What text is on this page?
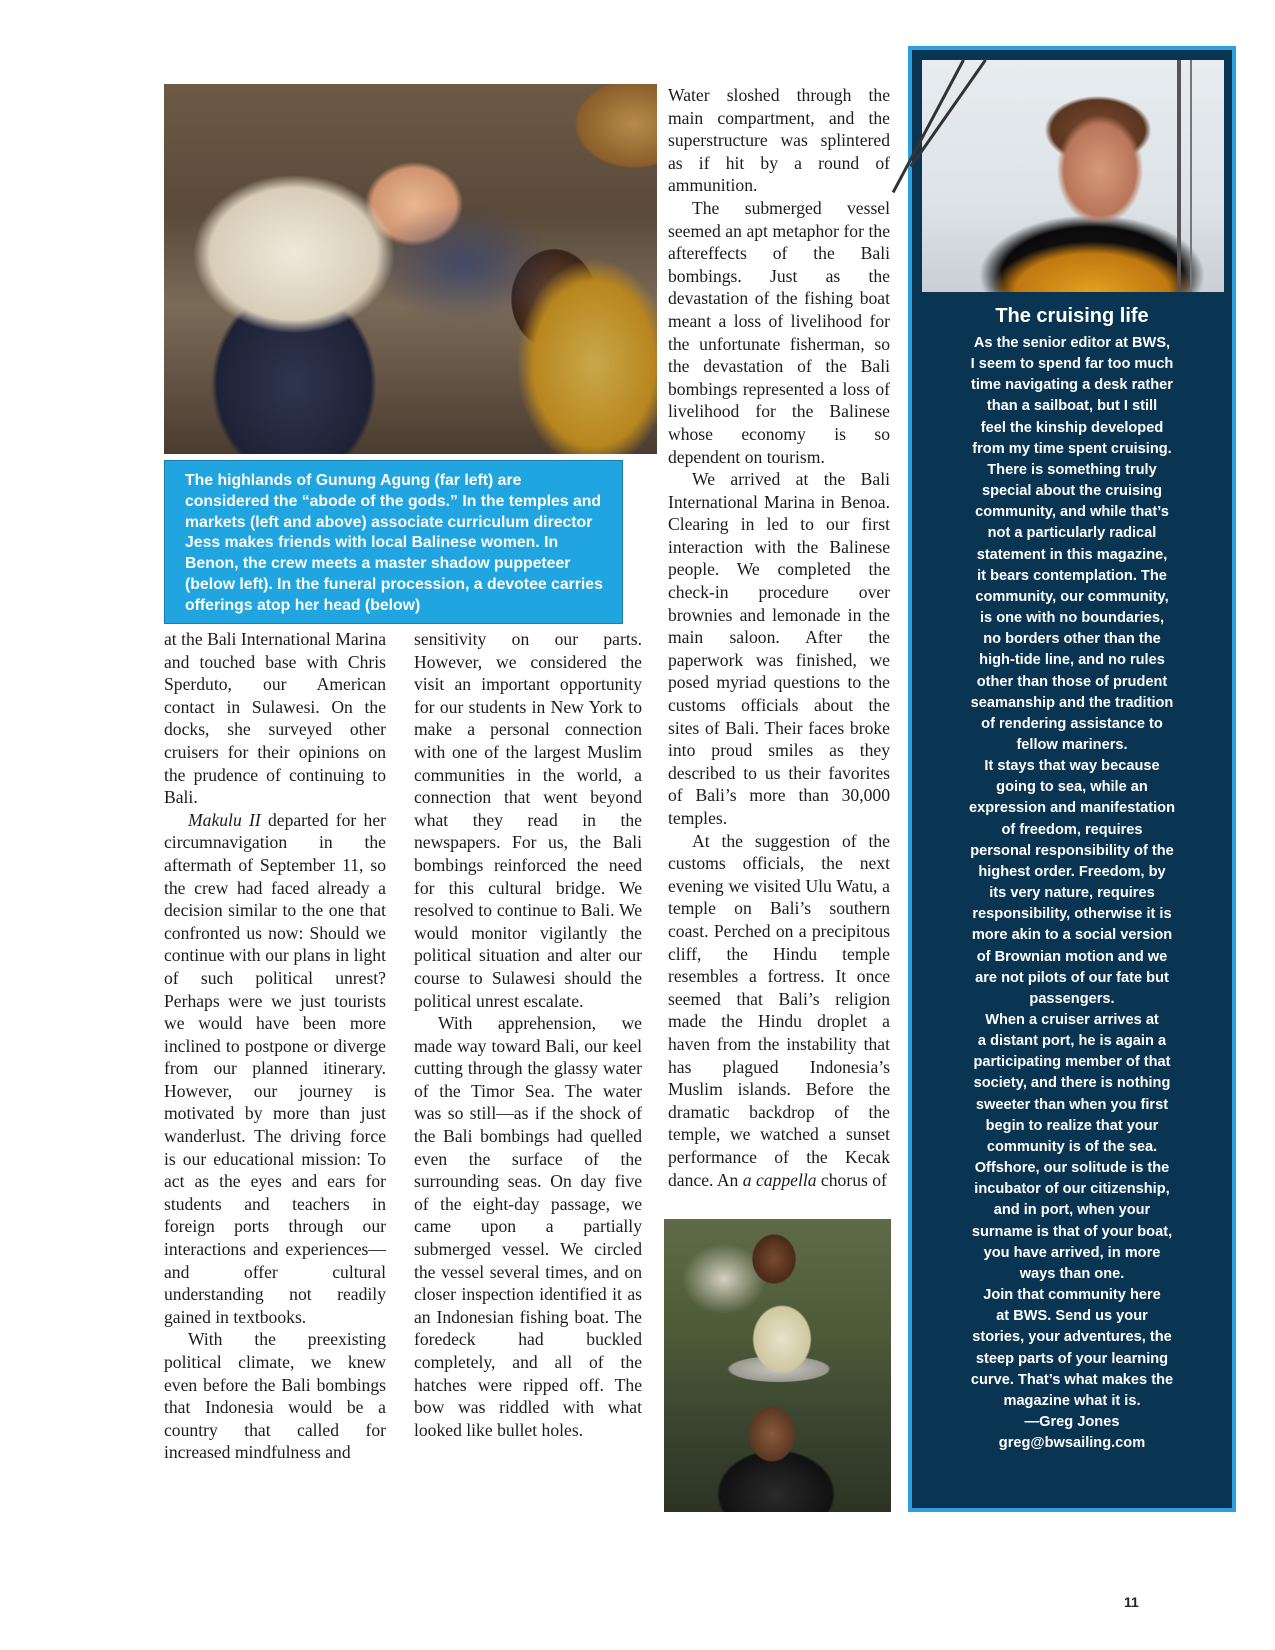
The highlands of Gunung Agung (far left) are considered the “abode of the gods.” In the temples and markets (left and above) associate curriculum director Jess makes friends with local Balinese women. In Benon, the crew meets a master shadow puppeteer (below left). In the funeral procession, a devotee carries offerings atop her head (below)

at the Bali International Marina and touched base with Chris Sperduto, our American contact in Sulawesi. On the docks, she surveyed other cruisers for their opinions on the prudence of continuing to Bali.

Makulu II departed for her circumnavigation in the aftermath of September 11, so the crew had faced already a decision similar to the one that confronted us now: Should we continue with our plans in light of such political unrest? Perhaps were we just tourists we would have been more inclined to postpone or diverge from our planned itinerary. However, our journey is motivated by more than just wanderlust. The driving force is our educational mission: To act as the eyes and ears for students and teachers in foreign ports through our interactions and experiences—and offer cultural understanding not readily gained in textbooks.

With the preexisting political climate, we knew even before the Bali bombings that Indonesia would be a country that called for increased mindfulness and

sensitivity on our parts. However, we considered the visit an important opportunity for our students in New York to make a personal connection with one of the largest Muslim communities in the world, a connection that went beyond what they read in the newspapers. For us, the Bali bombings reinforced the need for this cultural bridge. We resolved to continue to Bali. We would monitor vigilantly the political situation and alter our course to Sulawesi should the political unrest escalate.

With apprehension, we made way toward Bali, our keel cutting through the glassy water of the Timor Sea. The water was so still—as if the shock of the Bali bombings had quelled even the surface of the surrounding seas. On day five of the eight-day passage, we came upon a partially submerged vessel. We circled the vessel several times, and on closer inspection identified it as an Indonesian fishing boat. The foredeck had buckled completely, and all of the hatches were ripped off. The bow was riddled with what looked like bullet holes.

Water sloshed through the main compartment, and the superstructure was splintered as if hit by a round of ammunition.

The submerged vessel seemed an apt metaphor for the aftereffects of the Bali bombings. Just as the devastation of the fishing boat meant a loss of livelihood for the unfortunate fisherman, so the devastation of the Bali bombings represented a loss of livelihood for the Balinese whose economy is so dependent on tourism.

We arrived at the Bali International Marina in Benoa. Clearing in led to our first interaction with the Balinese people. We completed the check-in procedure over brownies and lemonade in the main saloon. After the paperwork was finished, we posed myriad questions to the customs officials about the sites of Bali. Their faces broke into proud smiles as they described to us their favorites of Bali’s more than 30,000 temples.

At the suggestion of the customs officials, the next evening we visited Ulu Watu, a temple on Bali’s southern coast. Perched on a precipitous cliff, the Hindu temple resembles a fortress. It once seemed that Bali’s religion made the Hindu droplet a haven from the instability that has plagued Indonesia’s Muslim islands. Before the dramatic backdrop of the temple, we watched a sunset performance of the Kecak dance. An a cappella chorus of

The cruising life
As the senior editor at BWS,
I seem to spend far too much
time navigating a desk rather
than a sailboat, but I still
feel the kinship developed
from my time spent cruising.
There is something truly
special about the cruising
community, and while that’s
not a particularly radical
statement in this magazine,
it bears contemplation. The
community, our community,
is one with no boundaries,
no borders other than the
high-tide line, and no rules
other than those of prudent
seamanship and the tradition
of rendering assistance to
fellow mariners.
It stays that way because
going to sea, while an
expression and manifestation
of freedom, requires
personal responsibility of the
highest order. Freedom, by
its very nature, requires
responsibility, otherwise it is
more akin to a social version
of Brownian motion and we
are not pilots of our fate but
passengers.
When a cruiser arrives at
a distant port, he is again a
participating member of that
society, and there is nothing
sweeter than when you first
begin to realize that your
community is of the sea.
Offshore, our solitude is the
incubator of our citizenship,
and in port, when your
surname is that of your boat,
you have arrived, in more
ways than one.
Join that community here
at BWS. Send us your
stories, your adventures, the
steep parts of your learning
curve. That’s what makes the
magazine what it is.
—Greg Jones
greg@bwsailing.com
11
